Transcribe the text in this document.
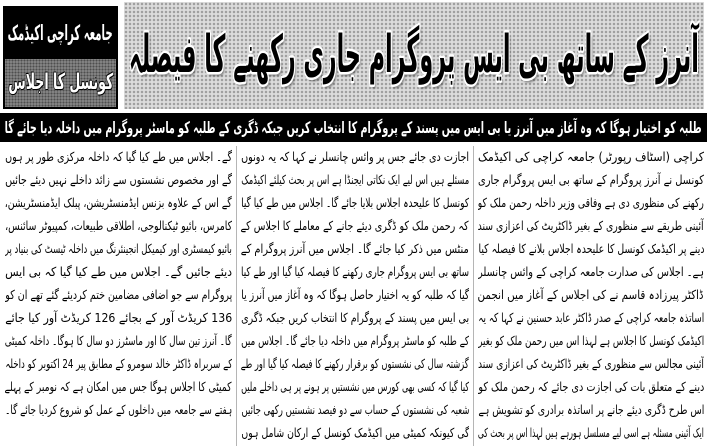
جامعہ کراچی اکیڈمک
کونسل کا اجلاس آنرز کے ساتھ بی ایس پروگرام جاری رکھنے کا فیصلہ
طلبہ کو اختیار ہوگا کہ وہ آغاز میں آنرز یا بی ایس میں پسند کے پروگرام کا انتخاب کریں جبکہ ڈگری کے طلبہ کو ماسٹر پروگرام میں داخلہ دیا جائے گا
کراچی (اسٹاف رپورٹر) جامعہ کراچی کی اکیڈمک
کونسل نے آنرز پروگرام کے ساتھ بی ایس پروگرام جاری
رکھنے کی منظوری دی ہے وفاقی وزیر داخلہ رحمن ملک کو
آئینی طریقے سے منظوری کے بغیر ڈاکٹریٹ کی اعزازی سند
دینے پر اکیڈمک کونسل کا علیحدہ اجلاس بلانے کا فیصلہ کیا
ہے۔ اجلاس کی صدارت جامعہ کراچی کے وائس چانسلر
ڈاکٹر پیرزادہ قاسم نے کی اجلاس کے آغاز میں انجمن
اساتذہ جامعہ کراچی کے صدر ڈاکٹر عابد حسنین نے کہا کہ یہ
اکیڈمک کونسل کا اجلاس ہے لہذا اس میں رحمن ملک کو بغیر
آئینی مجالس سے منظوری کے بغیر ڈاکٹریٹ کی اعزازی سند
دینے کے متعلق بات کی اجازت دی جائے کہ رحمن ملک کو
اس طرح ڈگری دیئے جانے پر اساتذہ برادری کو تشویش ہے
ایک آئینی مسئلہ ہے اسی لیے مسلسل ہورہے ہیں لہذا اس پر بحث کی
اجازت دی جائے جس پر وائس چانسلر نے کہا کہ یہ دونوں
مسئلے ہیں اس لیے ایک نکاتی ایجنڈا ہے اس پر بحث کیلئے اکیڈمک
کونسل کا علیحدہ اجلاس بلایا جائے گا۔ اجلاس میں طے کیا گیا
کہ رحمن ملک کو ڈگری دیئے جانے کے معاملے کا اجلاس کے
منٹس میں ذکر کیا جائے گا۔ اجلاس میں آنرز پروگرام کے
ساتھ بی ایس پروگرام جاری رکھنے کا فیصلہ کیا گیا اور طے کیا
گیا کہ طلبہ کو یہ اختیار حاصل ہوگا کہ وہ آغاز میں آنرز یا
بی ایس میں پسند کے پروگرام کا انتخاب کریں جبکہ ڈگری
کے طلبہ کو ماسٹر پروگرام میں داخلہ دیا جائے گا۔ اجلاس میں
گزشتہ سال کی نشستوں کو برقرار رکھنے کا فیصلہ کیا گیا اور طے
کیا گیا کہ کسی بھی کورس میں نشستیں پر ہونے پر ہی داخلے ملیں
شعبہ کی نشستوں کے حساب سے دو فیصد نشستیں رکھی جائیں
گی کیونکہ کمیٹی میں اکیڈمک کونسل کے ارکان شامل ہوں
گے۔ اجلاس میں طے کیا گیا کہ داخلہ مرکزی طور پر ہوں
گے اور مخصوص نشستوں سے زائد داخلے نہیں دیئے جائیں
گے اس کے علاوہ بزنس ایڈمنسٹریشن، پبلک ایڈمنسٹریشن،
کامرس، بائیو ٹیکنالوجی، اطلاقی طبیعات، کمپیوٹر سائنس،
بائیو کیمسٹری اور کیمیکل انجینئرنگ میں داخلہ ٹیسٹ کی بنیاد پر
دیئے جائیں گے۔ اجلاس میں طے کیا گیا کہ بی ایس
پروگرام سے جو اضافی مضامین ختم کردیئے گئے تھے ان کو
136 کریڈٹ آور کے بجائے 126 کریڈٹ آور کیا جائے
گا۔ آنرز تین سال کا اور ماسٹرز دو سال کا ہوگا۔ داخلہ کمیٹی
کے سربراہ ڈاکٹر خالد سومرو کے مطابق پیر 24 اکتوبر کو داخلہ
کمیٹی کا اجلاس ہوگا جس میں امکان ہے کہ نومبر کے پہلے
ہفتے سے جامعہ میں داخلوں کے عمل کو شروع کردیا جائے گا۔
